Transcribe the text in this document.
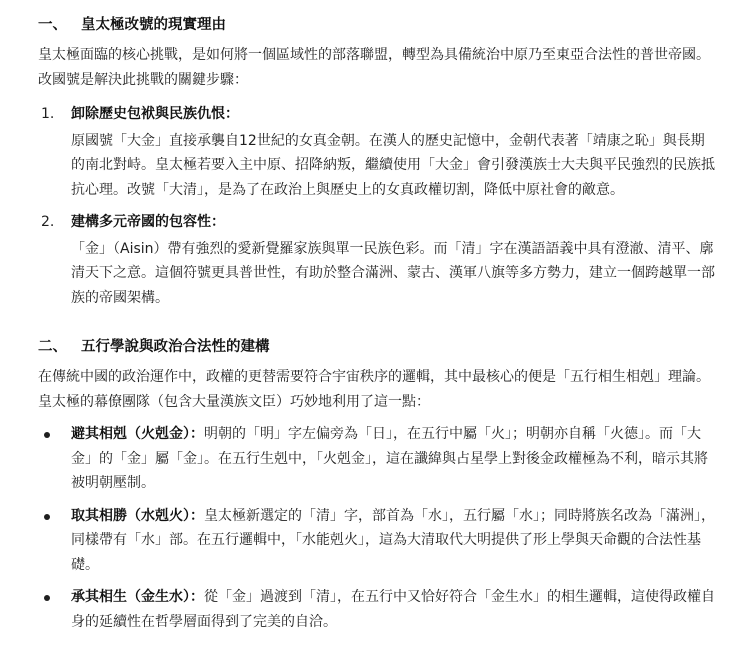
一、 皇太極改號的現實理由

皇太極面臨的核心挑戰，是如何將一個區域性的部落聯盟，轉型為具備統治中原乃至東亞合法性的普世帝國。改國號是解決此挑戰的關鍵步驟：

1. 卸除歷史包袱與民族仇恨：
原國號「大金」直接承襲自12世紀的女真金朝。在漢人的歷史記憶中，金朝代表著「靖康之恥」與長期的南北對峙。皇太極若要入主中原、招降納叛，繼續使用「大金」會引發漢族士大夫與平民強烈的民族抵抗心理。改號「大清」，是為了在政治上與歷史上的女真政權切割，降低中原社會的敵意。
2. 建構多元帝國的包容性：
「金」（Aisin）帶有強烈的愛新覺羅家族與單一民族色彩。而「清」字在漢語語義中具有澄澈、清平、廓清天下之意。這個符號更具普世性，有助於整合滿洲、蒙古、漢軍八旗等多方勢力，建立一個跨越單一部族的帝國架構。
二、 五行學說與政治合法性的建構

在傳統中國的政治運作中，政權的更替需要符合宇宙秩序的邏輯，其中最核心的便是「五行相生相剋」理論。皇太極的幕僚團隊（包含大量漢族文臣）巧妙地利用了這一點：

避其相剋（火剋金）：明朝的「明」字左偏旁為「日」，在五行中屬「火」；明朝亦自稱「火德」。而「大金」的「金」屬「金」。在五行生剋中，「火剋金」，這在讖緯與占星學上對後金政權極為不利，暗示其將被明朝壓制。
取其相勝（水剋火）：皇太極新選定的「清」字，部首為「水」，五行屬「水」；同時將族名改為「滿洲」，同樣帶有「水」部。在五行邏輯中，「水能剋火」，這為大清取代大明提供了形上學與天命觀的合法性基礎。
承其相生（金生水）：從「金」過渡到「清」，在五行中又恰好符合「金生水」的相生邏輯，這使得政權自身的延續性在哲學層面得到了完美的自洽。
